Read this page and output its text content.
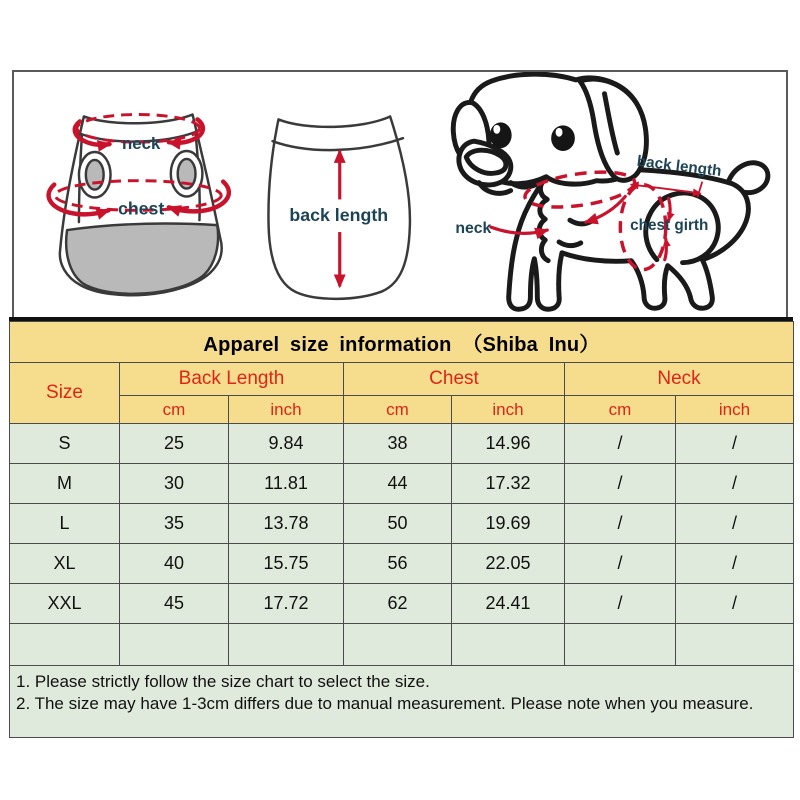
neck
chest	back length
neck
back length
chest girth
Apparel size information （Shiba Inu）						
Size	Back Length		Chest		Neck	
	cm	inch	cm	inch	cm	inch
S	25	9.84	38	14.96	/	/
M	30	11.81	44	17.32	/	/
L	35	13.78	50	19.69	/	/
XL	40	15.75	56	22.05	/	/
XXL	45	17.72	62	24.41	/	/

1. Please strictly follow the size chart to select the size.
2. The size may have 1-3cm differs due to manual measurement. Please note when you measure.						
